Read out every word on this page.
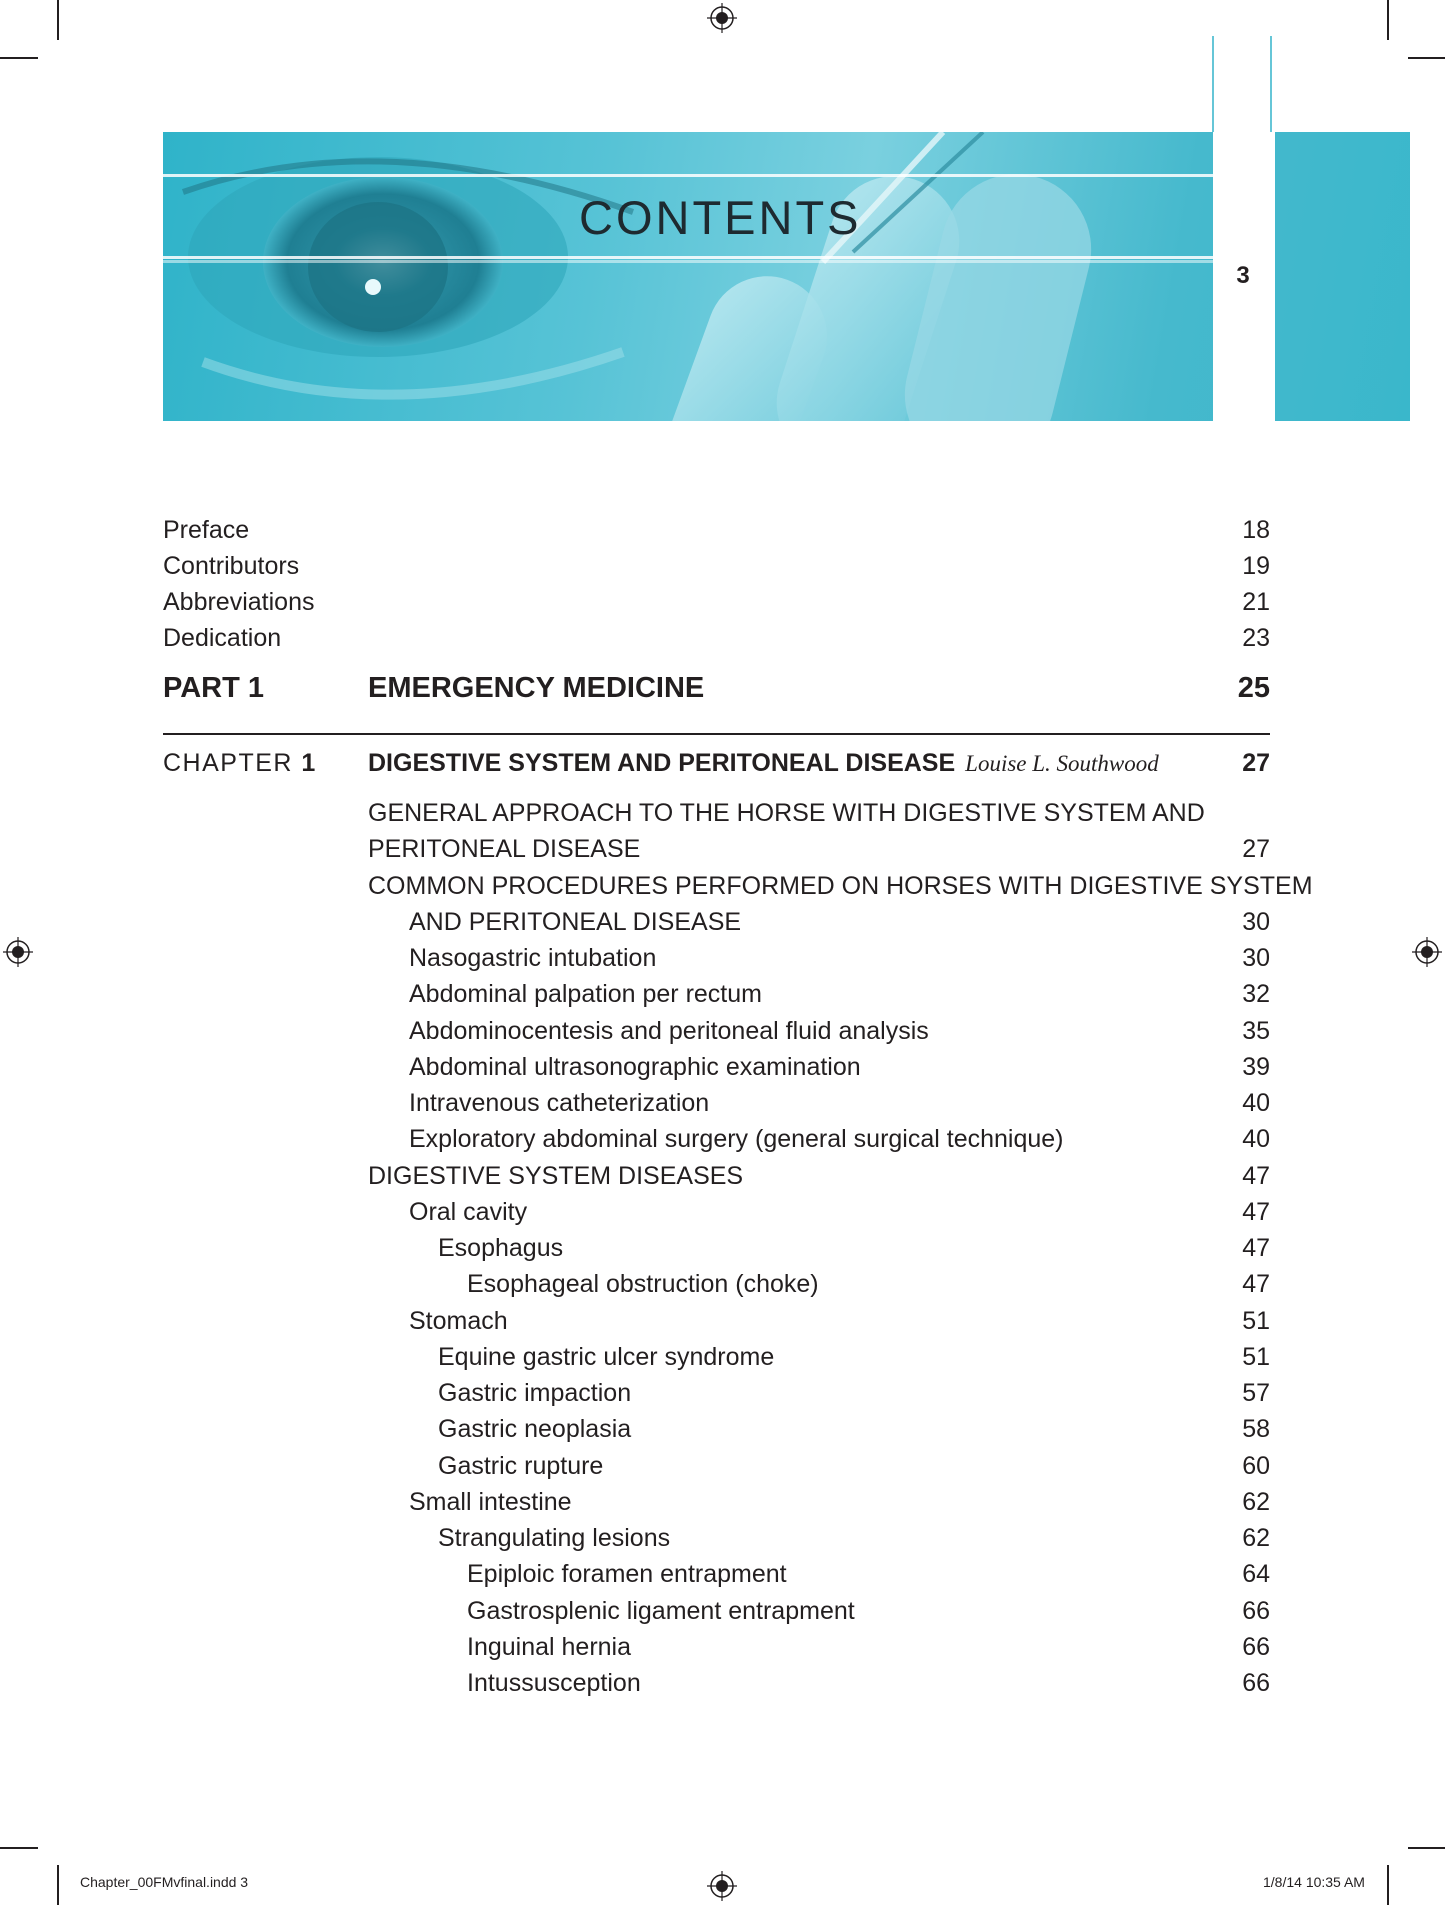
CONTENTS
3
Preface	18
Contributors	19
Abbreviations	21
Dedication	23
PART 1	EMERGENCY MEDICINE	25
CHAPTER 1 DIGESTIVE SYSTEM AND PERITONEAL DISEASE Louise L. Southwood	27
GENERAL APPROACH TO THE HORSE WITH DIGESTIVE SYSTEM AND
PERITONEAL DISEASE	27
COMMON PROCEDURES PERFORMED ON HORSES WITH DIGESTIVE SYSTEM
AND PERITONEAL DISEASE	30
Nasogastric intubation	30
Abdominal palpation per rectum	32
Abdominocentesis and peritoneal fluid analysis	35
Abdominal ultrasonographic examination	39
Intravenous catheterization	40
Exploratory abdominal surgery (general surgical technique)	40
DIGESTIVE SYSTEM DISEASES	47
Oral cavity	47
Esophagus	47
Esophageal obstruction (choke)	47
Stomach	51
Equine gastric ulcer syndrome	51
Gastric impaction	57
Gastric neoplasia	58
Gastric rupture	60
Small intestine	62
Strangulating lesions	62
Epiploic foramen entrapment	64
Gastrosplenic ligament entrapment	66
Inguinal hernia	66
Intussusception	66
Chapter_00FMvfinal.indd 3	1/8/14 10:35 AM
